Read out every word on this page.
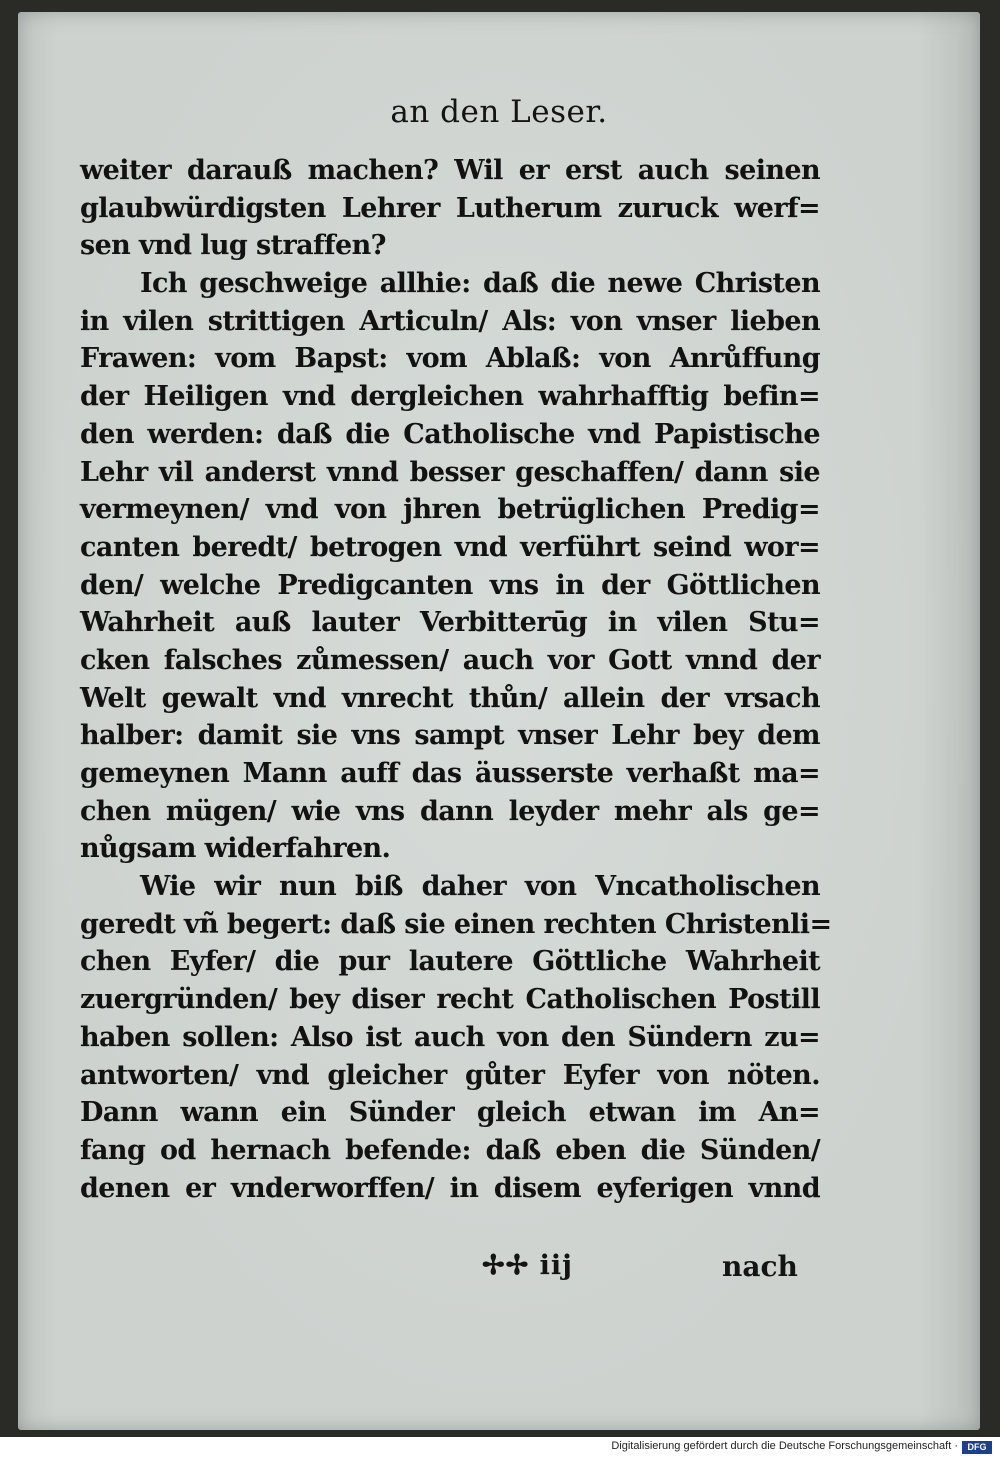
an den Leser.
weiter darauß machen? Wil er erst auch seinen
glaubwürdigsten Lehrer Lutherum zuruck werf=
sen vnd lug straffen?
Ich geschweige allhie: daß die newe Christen
in vilen strittigen Articuln/ Als: von vnser lieben
Frawen: vom Bapst: vom Ablaß: von Anrůffung
der Heiligen vnd dergleichen wahrhafftig befin=
den werden: daß die Catholische vnd Papistische
Lehr vil anderst vnnd besser geschaffen/ dann sie
vermeynen/ vnd von jhren betrüglichen Predig=
canten beredt/ betrogen vnd verführt seind wor=
den/ welche Predigcanten vns in der Göttlichen
Wahrheit auß lauter Verbitterūg in vilen Stu=
cken falsches zůmessen/ auch vor Gott vnnd der
Welt gewalt vnd vnrecht thůn/ allein der vrsach
halber: damit sie vns sampt vnser Lehr bey dem
gemeynen Mann auff das äusserste verhaßt ma=
chen mügen/ wie vns dann leyder mehr als ge=
nůgsam widerfahren.
Wie wir nun biß daher von Vncatholischen
geredt vñ begert: daß sie einen rechten Christenli=
chen Eyfer/ die pur lautere Göttliche Wahrheit
zuergründen/ bey diser recht Catholischen Postill
haben sollen: Also ist auch von den Sündern zu=
antworten/ vnd gleicher gůter Eyfer von nöten.
Dann wann ein Sünder gleich etwan im An=
fang od hernach befende: daß eben die Sünden/
denen er vnderworffen/ in disem eyferigen vnnd
✢✢ iij	nach
Digitalisierung gefördert durch die Deutsche Forschungsgemeinschaft ·	DFG
